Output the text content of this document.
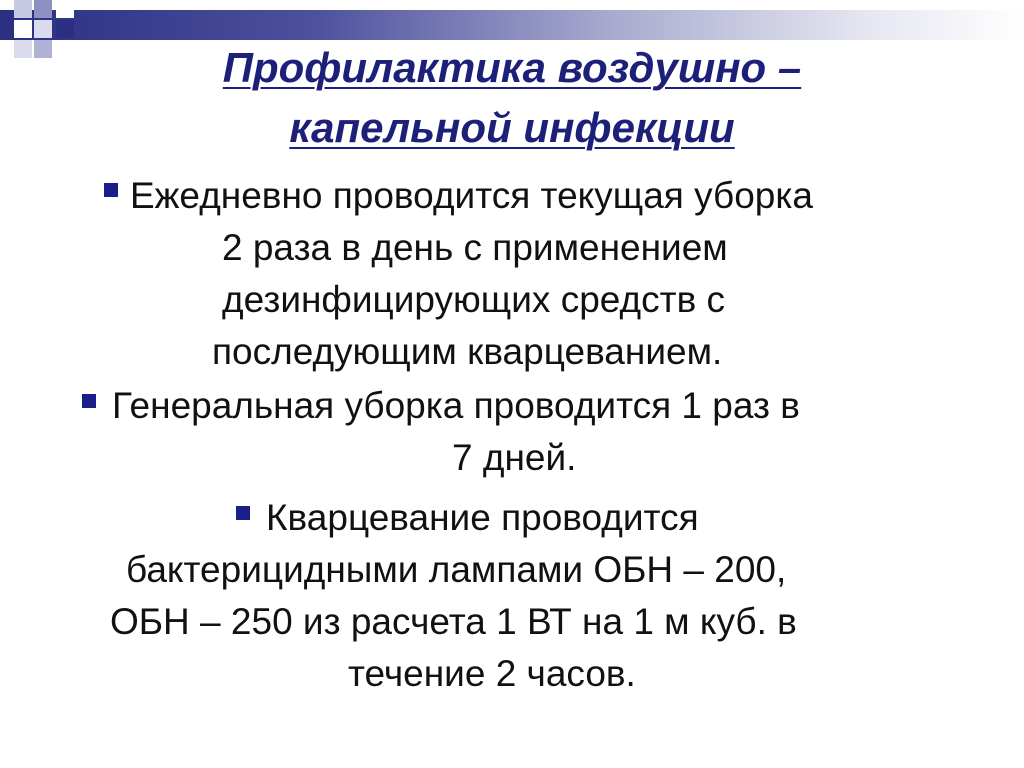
Профилактика воздушно –
капельной инфекции
Ежедневно проводится текущая уборка
2 раза в день с применением
дезинфицирующих средств с
последующим кварцеванием.
Генеральная уборка проводится 1 раз в
7 дней.
Кварцевание проводится
бактерицидными лампами ОБН – 200,
ОБН – 250 из расчета 1 ВТ на 1 м куб. в
течение 2 часов.
